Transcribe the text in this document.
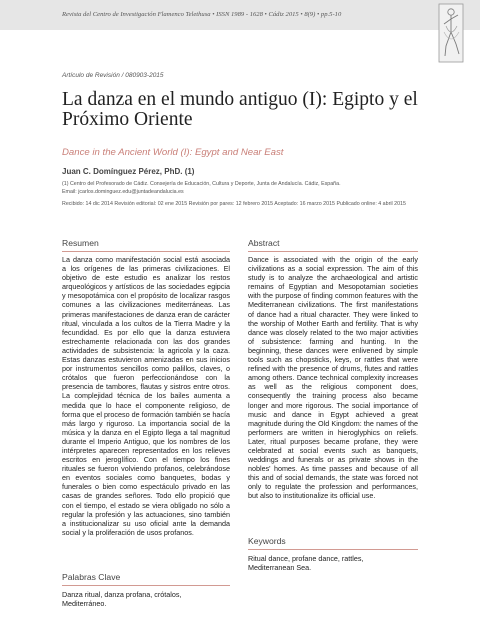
Revista del Centro de Investigación Flamenco Telethusa • ISSN 1989 - 1628 • Cádiz 2015 • 8(9) • pp.5-10
Artículo de Revisión / 080903-2015
La danza en el mundo antiguo (I): Egipto y el Próximo Oriente
Dance in the Ancient World (I): Egypt and Near East
Juan C. Domínguez Pérez, PhD. (1)
(1) Centro del Profesorado de Cádiz. Consejería de Educación, Cultura y Deporte, Junta de Andalucía. Cádiz, España.
Email: jcarlos.dominguez.edu@juntadeandalucia.es
Recibido: 14 dic 2014 Revisión editorial: 02 ene 2015 Revisión por pares: 12 febrero 2015 Aceptado: 16 marzo 2015 Publicado online: 4 abril 2015
Resumen
La danza como manifestación social está asociada a los orígenes de las primeras civilizaciones. El objetivo de este estudio es analizar los restos arqueológicos y artísticos de las sociedades egipcia y mesopotámica con el propósito de localizar rasgos comunes a las civilizaciones mediterráneas. Las primeras manifestaciones de danza eran de carácter ritual, vinculada a los cultos de la Tierra Madre y la fecundidad. Es por ello que la danza estuviera estrechamente relacionada con las dos grandes actividades de subsistencia: la agricola y la caza. Estas danzas estuvieron amenizadas en sus inicios por instrumentos sencillos como palillos, claves, o crótalos que fueron perfeccionándose con la presencia de tambores, flautas y sistros entre otros. La complejidad técnica de los bailes aumenta a medida que lo hace el componente religioso, de forma que el proceso de formación también se hacía más largo y riguroso. La importancia social de la música y la danza en el Egipto llega a tal magnitud durante el Imperio Antiguo, que los nombres de los intérpretes aparecen representados en los relieves escritos en jeroglífico. Con el tiempo los fines rituales se fueron volviendo profanos, celebrándose en eventos sociales como banquetes, bodas y funerales o bien como espectáculo privado en las casas de grandes señores. Todo ello propició que con el tiempo, el estado se viera obligado no sólo a regular la profesión y las actuaciones, sino también a institucionalizar su uso oficial ante la demanda social y la proliferación de usos profanos.
Palabras Clave
Danza ritual, danza profana, crótalos, Mediterráneo.
Abstract
Dance is associated with the origin of the early civilizations as a social expression. The aim of this study is to analyze the archaeological and artistic remains of Egyptian and Mesopotamian societies with the purpose of finding common features with the Mediterranean civilizations. The first manifestations of dance had a ritual character. They were linked to the worship of Mother Earth and fertility. That is why dance was closely related to the two major activities of subsistence: farming and hunting. In the beginning, these dances were enlivened by simple tools such as chopsticks, keys, or rattles that were refined with the presence of drums, flutes and rattles among others. Dance technical complexity increases as well as the religious component does, consequently the training process also became longer and more rigorous. The social importance of music and dance in Egypt achieved a great magnitude during the Old Kingdom: the names of the performers are written in hieroglyphics on reliefs. Later, ritual purposes became profane, they were celebrated at social events such as banquets, weddings and funerals or as private shows in the nobles' homes. As time passes and because of all this and of social demands, the state was forced not only to regulate the profession and performances, but also to institutionalize its official use.
Keywords
Ritual dance, profane dance, rattles, Mediterranean Sea.
